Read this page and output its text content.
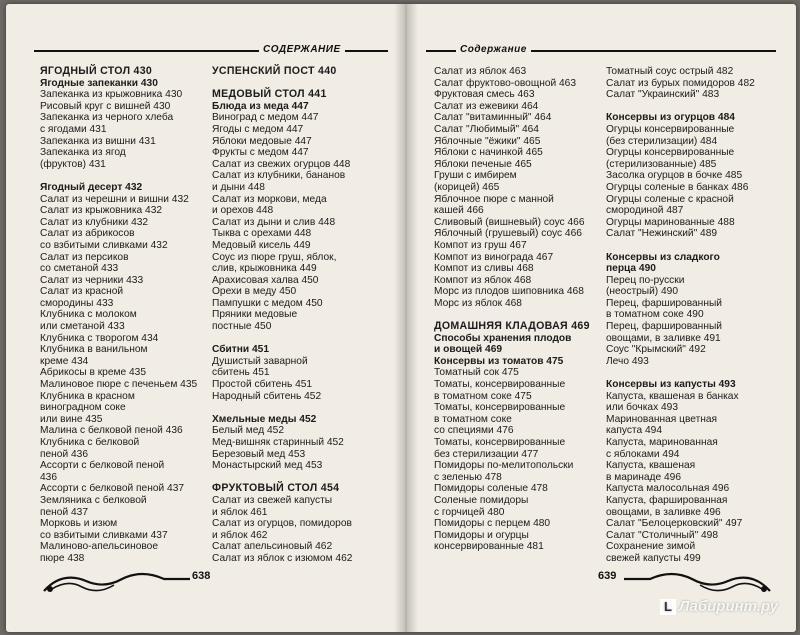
СОДЕРЖАНИЕ	Содержание
ЯГОДНЫЙ СТОЛ 430
Ягодные запеканки 430
Запеканка из крыжовника 430
Рисовый круг с вишней 430
Запеканка из черного хлеба
с ягодами 431
Запеканка из вишни 431
Запеканка из ягод
(фруктов) 431
Ягодный десерт 432
Салат из черешни и вишни 432
Салат из крыжовника 432
Салат из клубники 432
Салат из абрикосов
со взбитыми сливками 432
Салат из персиков
со сметаной 433
Салат из черники 433
Салат из красной
смородины 433
Клубника с молоком
или сметаной 433
Клубника с творогом 434
Клубника в ванильном
креме 434
Абрикосы в креме 435
Малиновое пюре с печеньем 435
Клубника в красном
виноградном соке
или вине 435
Малина с белковой пеной 436
Клубника с белковой
пеной 436
Ассорти с белковой пеной
436
Ассорти с белковой пеной 437
Земляника с белковой
пеной 437
Морковь и изюм
со взбитыми сливками 437
Малиново-апельсиновое
пюре 438
УСПЕНСКИЙ ПОСТ 440
МЕДОВЫЙ СТОЛ 441
Блюда из меда 447
Виноград с медом 447
Ягоды с медом 447
Яблоки медовые 447
Фрукты с медом 447
Салат из свежих огурцов 448
Салат из клубники, бананов
и дыни 448
Салат из моркови, меда
и орехов 448
Салат из дыни и слив 448
Тыква с орехами 448
Медовый кисель 449
Соус из пюре груш, яблок,
слив, крыжовника 449
Арахисовая халва 450
Орехи в меду 450
Пампушки с медом 450
Пряники медовые
постные 450
Сбитни 451
Душистый заварной
сбитень 451
Простой сбитень 451
Народный сбитень 452
Хмельные меды 452
Белый мед 452
Мед-вишняк старинный 452
Березовый мед 453
Монастырский мед 453
ФРУКТОВЫЙ СТОЛ 454
Салат из свежей капусты
и яблок 461
Салат из огурцов, помидоров
и яблок 462
Салат апельсиновый 462
Салат из яблок с изюмом 462
Салат из яблок 463
Салат фруктово-овощной 463
Фруктовая смесь 463
Салат из ежевики 464
Салат "витаминный" 464
Салат "Любимый" 464
Яблочные "ёжики" 465
Яблоки с начинкой 465
Яблоки печеные 465
Груши с имбирем
(корицей) 465
Яблочное пюре с манной
кашей 466
Сливовый (вишневый) соус 466
Яблочный (грушевый) соус 466
Компот из груш 467
Компот из винограда 467
Компот из сливы 468
Компот из яблок 468
Морс из плодов шиповника 468
Морс из яблок 468
ДОМАШНЯЯ КЛАДОВАЯ 469
Способы хранения плодов
и овощей 469
Консервы из томатов 475
Томатный сок 475
Томаты, консервированные
в томатном соке 475
Томаты, консервированные
в томатном соке
со специями 476
Томаты, консервированные
без стерилизации 477
Помидоры по-мелитопольски
с зеленью 478
Помидоры соленые 478
Соленые помидоры
с горчицей 480
Помидоры с перцем 480
Помидоры и огурцы
консервированные 481
Томатный соус острый 482
Салат из бурых помидоров 482
Салат "Украинский" 483
Консервы из огурцов 484
Огурцы консервированные
(без стерилизации) 484
Огурцы консервированные
(стерилизованные) 485
Засолка огурцов в бочке 485
Огурцы соленые в банках 486
Огурцы соленые с красной
смородиной 487
Огурцы маринованные 488
Салат "Нежинский" 489
Консервы из сладкого
перца 490
Перец по-русски
(неострый) 490
Перец, фаршированный
в томатном соке 490
Перец, фаршированный
овощами, в заливке 491
Соус "Крымский" 492
Лечо 493
Консервы из капусты 493
Капуста, квашеная в банках
или бочках 493
Маринованная цветная
капуста 494
Капуста, маринованная
с яблоками 494
Капуста, квашеная
в маринаде 496
Капуста малосольная 496
Капуста, фаршированная
овощами, в заливке 496
Салат "Белоцерковский" 497
Салат "Столичный" 498
Сохранение зимой
свежей капусты 499
638	639
L Лабиринт.ру
